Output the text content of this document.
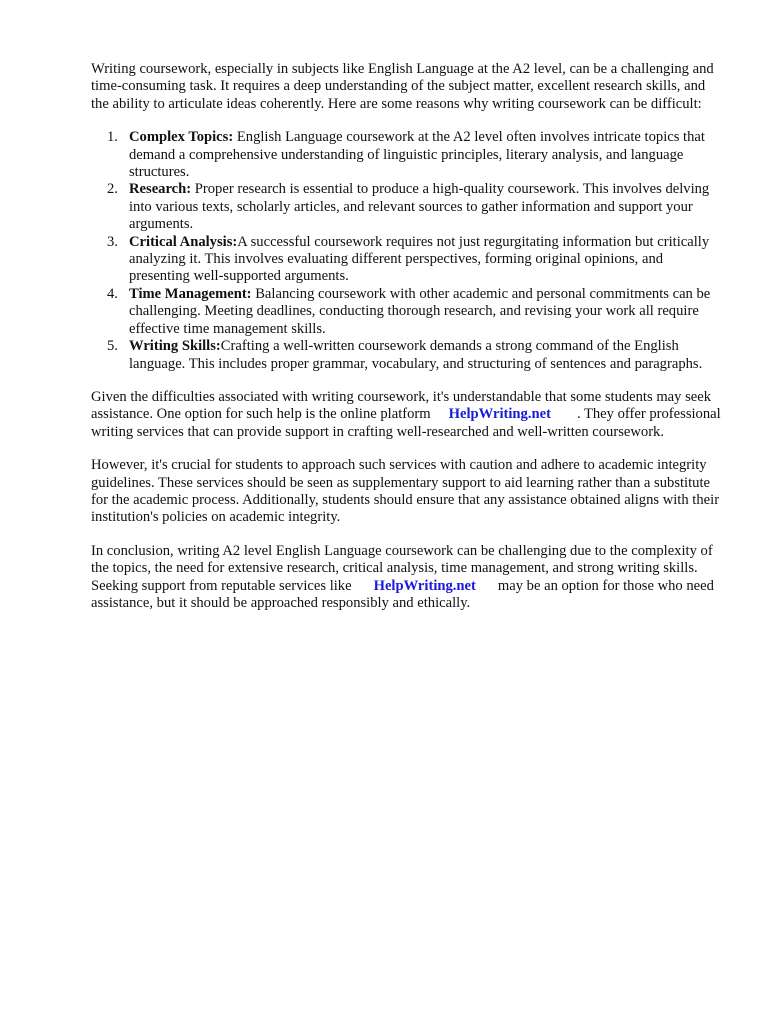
Writing coursework, especially in subjects like English Language at the A2 level, can be a challenging and time-consuming task. It requires a deep understanding of the subject matter, excellent research skills, and the ability to articulate ideas coherently. Here are some reasons why writing coursework can be difficult:

1. Complex Topics: English Language coursework at the A2 level often involves intricate topics that demand a comprehensive understanding of linguistic principles, literary analysis, and language structures.
2. Research: Proper research is essential to produce a high-quality coursework. This involves delving into various texts, scholarly articles, and relevant sources to gather information and support your arguments.
3. Critical Analysis:A successful coursework requires not just regurgitating information but critically analyzing it. This involves evaluating different perspectives, forming original opinions, and presenting well-supported arguments.
4. Time Management: Balancing coursework with other academic and personal commitments can be challenging. Meeting deadlines, conducting thorough research, and revising your work all require effective time management skills.
5. Writing Skills:Crafting a well-written coursework demands a strong command of the English language. This includes proper grammar, vocabulary, and structuring of sentences and paragraphs.

Given the difficulties associated with writing coursework, it's understandable that some students may seek assistance. One option for such help is the online platform HelpWriting.net . They offer professional writing services that can provide support in crafting well-researched and well-written coursework.

However, it's crucial for students to approach such services with caution and adhere to academic integrity guidelines. These services should be seen as supplementary support to aid learning rather than a substitute for the academic process. Additionally, students should ensure that any assistance obtained aligns with their institution's policies on academic integrity.

In conclusion, writing A2 level English Language coursework can be challenging due to the complexity of the topics, the need for extensive research, critical analysis, time management, and strong writing skills. Seeking support from reputable services like HelpWriting.net may be an option for those who need assistance, but it should be approached responsibly and ethically.
